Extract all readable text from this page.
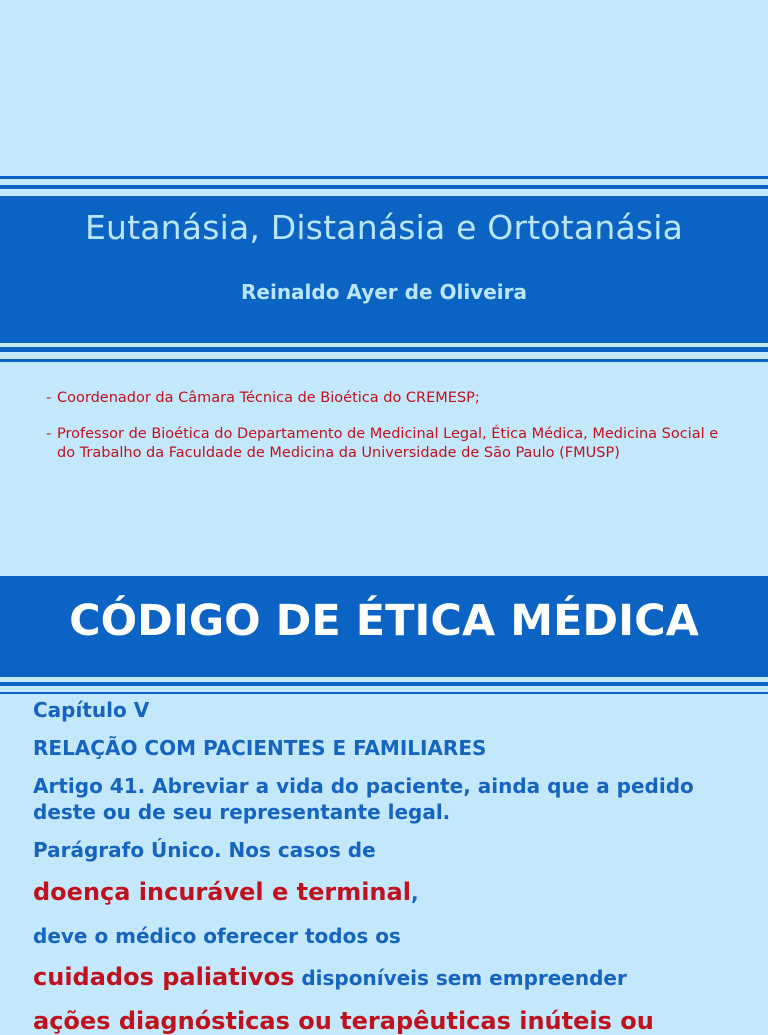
Eutanásia, Distanásia e Ortotanásia
Reinaldo Ayer de Oliveira
- Coordenador da Câmara Técnica de Bioética do CREMESP;
- Professor de Bioética do Departamento de Medicinal Legal, Ética Médica, Medicina Social e do Trabalho da Faculdade de Medicina da Universidade de São Paulo (FMUSP)
CÓDIGO DE ÉTICA MÉDICA
Capítulo V
RELAÇÃO COM PACIENTES E FAMILIARES
Artigo 41. Abreviar a vida do paciente, ainda que a pedido
deste ou de seu representante legal.
Parágrafo Único. Nos casos de
doença incurável e terminal,
deve o médico oferecer todos os
cuidados paliativos disponíveis sem empreender
ações diagnósticas ou terapêuticas inúteis ou
